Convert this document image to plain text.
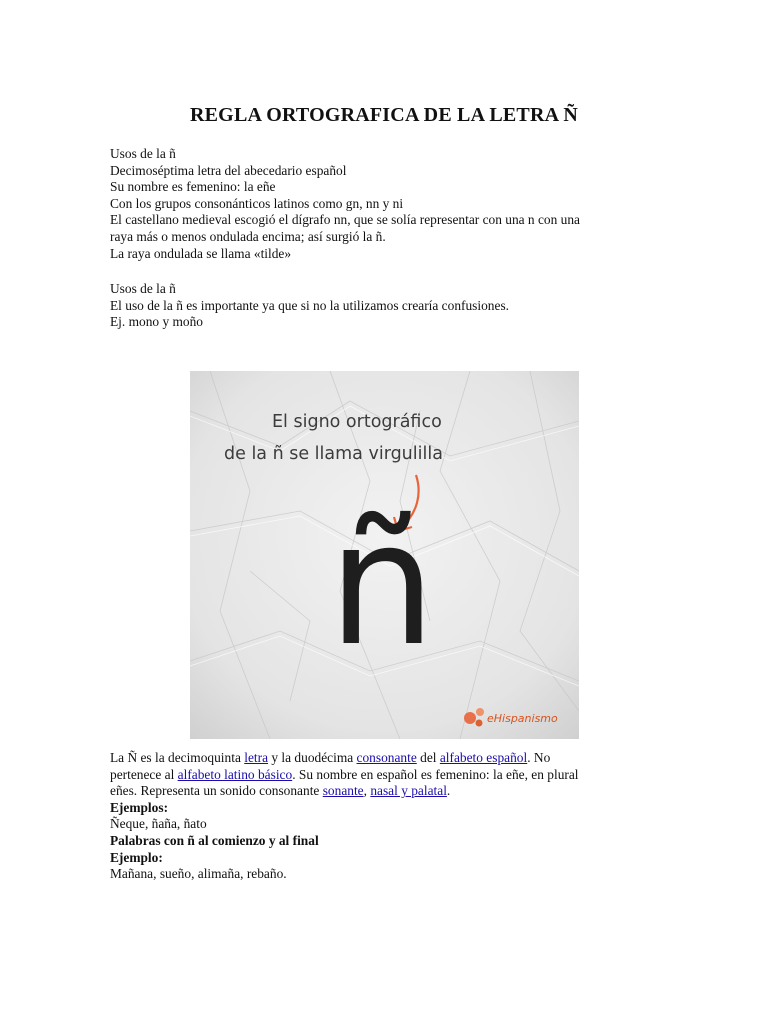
REGLA ORTOGRAFICA DE LA LETRA Ñ

Usos de la ñ

Decimoséptima letra del abecedario español

Su nombre es femenino: la eñe

Con los grupos consonánticos latinos como gn, nn y ni

El castellano medieval escogió el dígrafo nn, que se solía representar con una n con una

raya más o menos ondulada encima; así surgió la ñ.

La raya ondulada se llama «tilde»

Usos de la ñ

El uso de la ñ es importante ya que si no la utilizamos crearía confusiones.

Ej. mono y moño

El signo ortográfico
de la ñ se llama virgulilla
ñ
eHispanismo

La Ñ es la decimoquinta letra y la duodécima consonante del alfabeto español. No

pertenece al alfabeto latino básico. Su nombre en español es femenino: la eñe, en plural

eñes. Representa un sonido consonante sonante, nasal y palatal.

Ejemplos:

Ñeque, ñaña, ñato

Palabras con ñ al comienzo y al final

Ejemplo:

Mañana, sueño, alimaña, rebaño.
